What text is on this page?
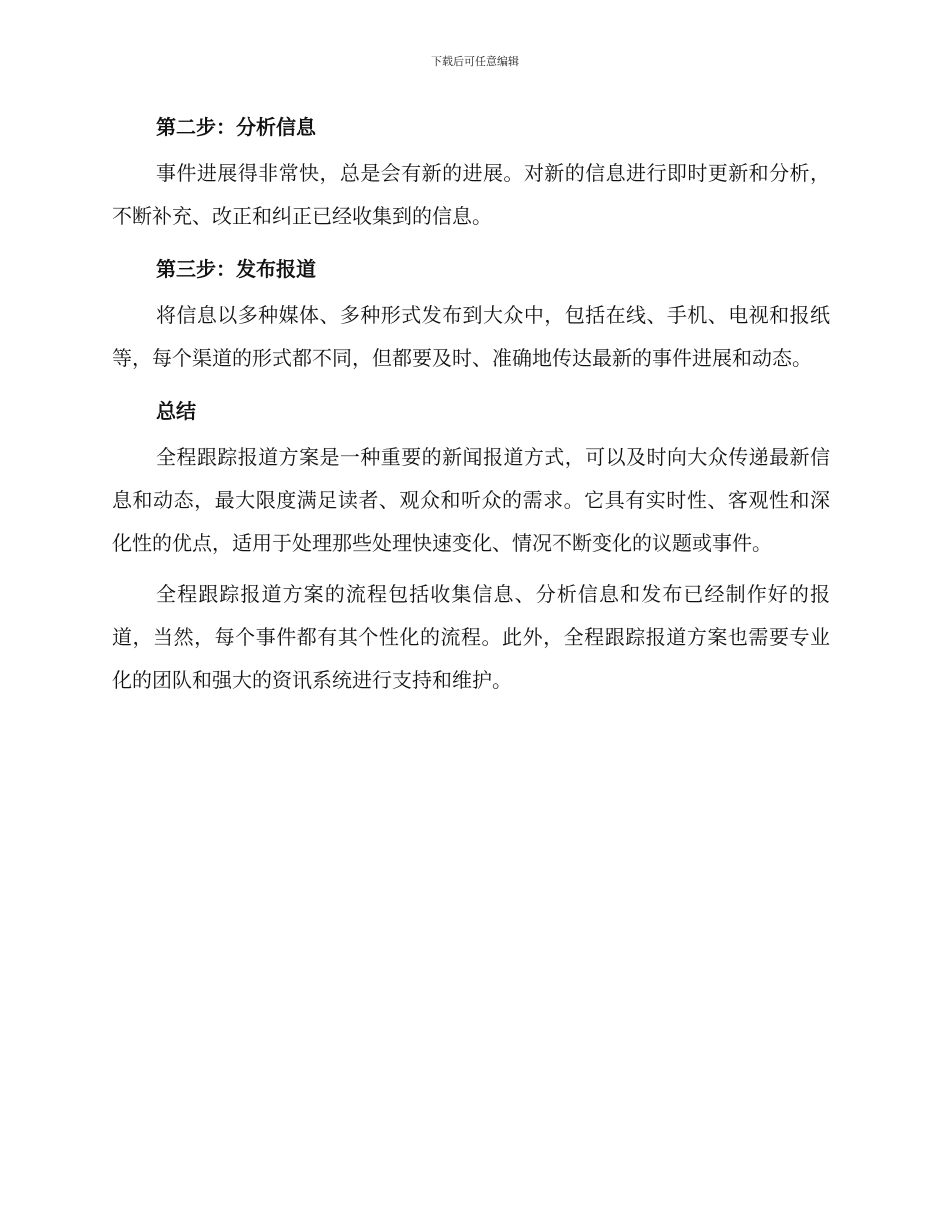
下载后可任意编辑
第二步：分析信息

事件进展得非常快，总是会有新的进展。对新的信息进行即时更新和分析，不断补充、改正和纠正已经收集到的信息。

第三步：发布报道

将信息以多种媒体、多种形式发布到大众中，包括在线、手机、电视和报纸等，每个渠道的形式都不同，但都要及时、准确地传达最新的事件进展和动态。

总结

全程跟踪报道方案是一种重要的新闻报道方式，可以及时向大众传递最新信息和动态，最大限度满足读者、观众和听众的需求。它具有实时性、客观性和深化性的优点，适用于处理那些处理快速变化、情况不断变化的议题或事件。

全程跟踪报道方案的流程包括收集信息、分析信息和发布已经制作好的报道，当然，每个事件都有其个性化的流程。此外，全程跟踪报道方案也需要专业化的团队和强大的资讯系统进行支持和维护。
